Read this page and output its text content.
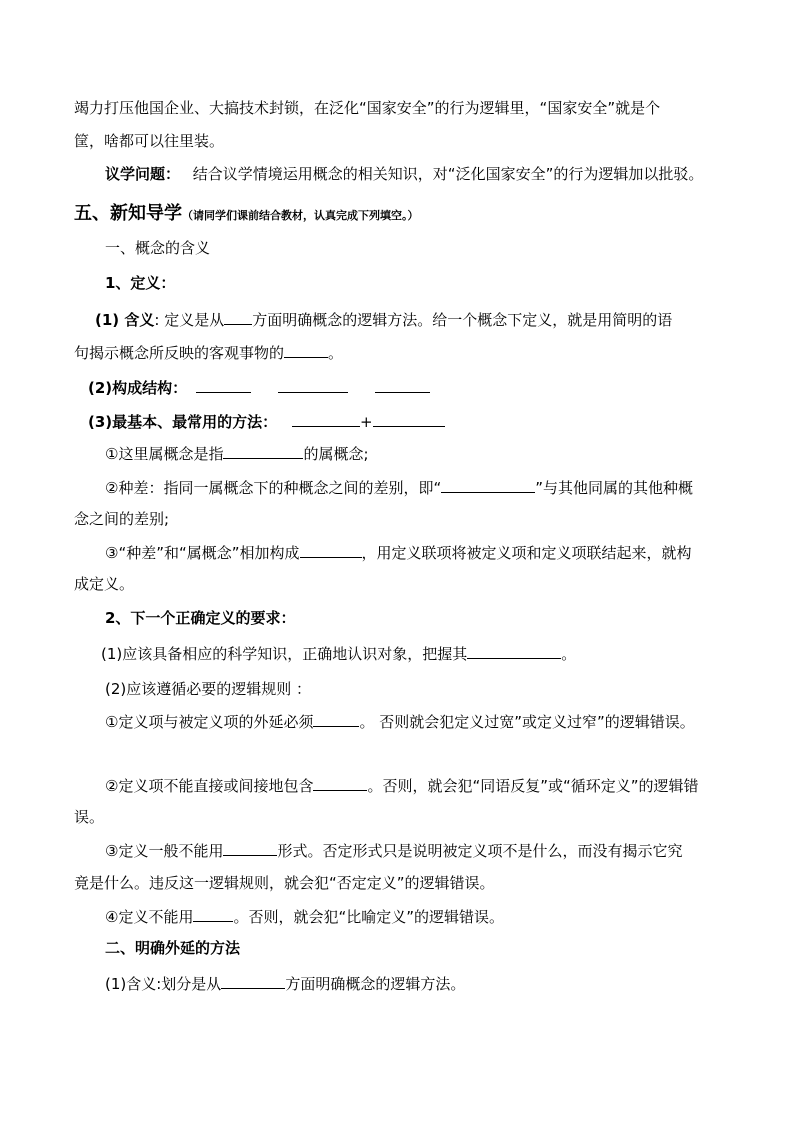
竭力打压他国企业、大搞技术封锁，在泛化“国家安全”的行为逻辑里，“国家安全”就是个
筐，啥都可以往里装。
议学问题： 结合议学情境运用概念的相关知识，对“泛化国家安全”的行为逻辑加以批驳。
五、新知导学（请同学们课前结合教材，认真完成下列填空。）
一、概念的含义
1、定义：
(1) 含义: 定义是从 方面明确概念的逻辑方法。给一个概念下定义，就是用简明的语
句揭示概念所反映的客观事物的	。
(2)构成结构：
(3)最基本、最常用的方法：	+
①这里属概念是指	的属概念;
②种差：指同一属概念下的种概念之间的差别，即“	”与其他同属的其他种概
念之间的差别;
③“种差”和“属概念”相加构成	，用定义联项将被定义项和定义项联结起来，就构
成定义。
2、下一个正确定义的要求：
(1)应该具备相应的科学知识，正确地认识对象，把握其	。
(2)应该遵循必要的逻辑规则 ：
①定义项与被定义项的外延必须	。 否则就会犯定义过宽”或定义过窄”的逻辑错误。
②定义项不能直接或间接地包含	。否则，就会犯“同语反复”或“循环定义”的逻辑错
误。
③定义一般不能用	形式。否定形式只是说明被定义项不是什么，而没有揭示它究
竟是什么。违反这一逻辑规则，就会犯“否定定义”的逻辑错误。
④定义不能用	。否则，就会犯“比喻定义”的逻辑错误。
二、明确外延的方法
(1)含义:划分是从	方面明确概念的逻辑方法。
